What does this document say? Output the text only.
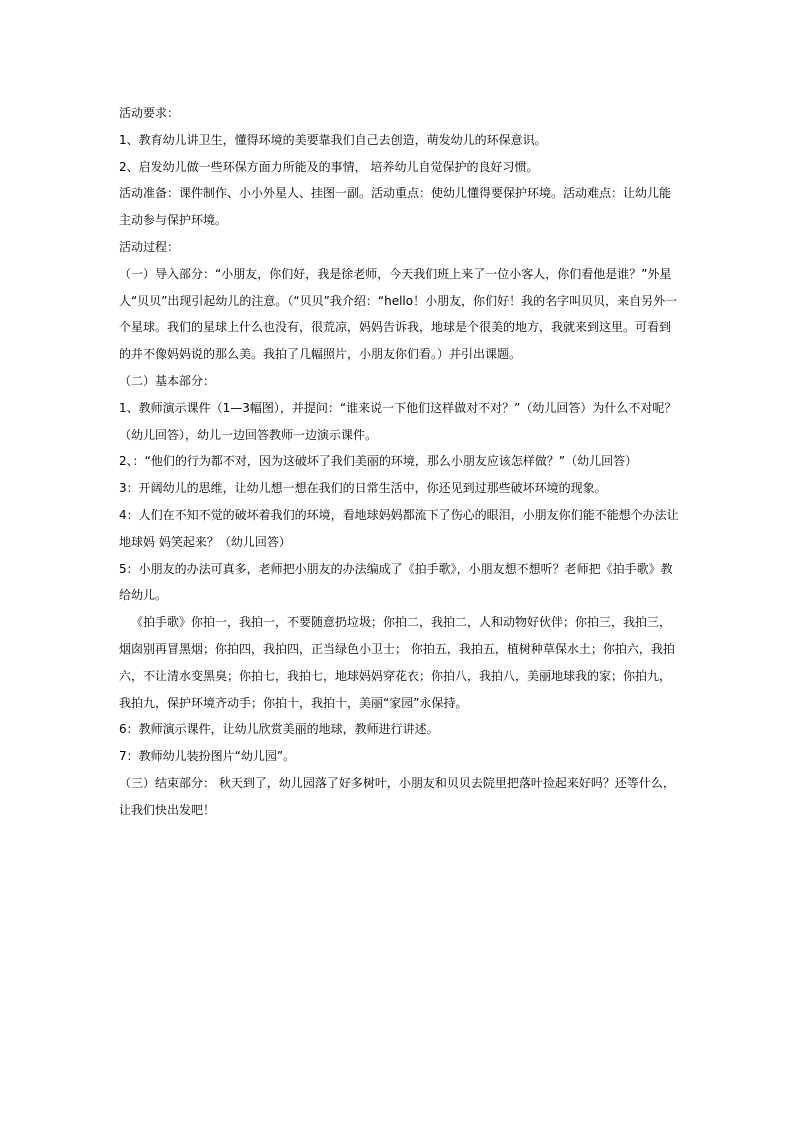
活动要求：

1、教育幼儿讲卫生，懂得环境的美要靠我们自己去创造，萌发幼儿的环保意识。

2、启发幼儿做一些环保方面力所能及的事情， 培养幼儿自觉保护的良好习惯。

活动准备：课件制作、小小外星人、挂图一副。活动重点：使幼儿懂得要保护环境。活动难点：让幼儿能主动参与保护环境。

活动过程：

（一）导入部分：“小朋友，你们好，我是徐老师，今天我们班上来了一位小客人，你们看他是谁？”外星人“贝贝”出现引起幼儿的注意。（“贝贝”我介绍：“hello！小朋友，你们好！我的名字叫贝贝，来自另外一个星球。我们的星球上什么也没有，很荒凉，妈妈告诉我，地球是个很美的地方，我就来到这里。可看到的并不像妈妈说的那么美。我拍了几幅照片，小朋友你们看。）并引出课题。

（二）基本部分：

1、教师演示课件（1—3幅图），并提问：“谁来说一下他们这样做对不对？”（幼儿回答）为什么不对呢？（幼儿回答），幼儿一边回答教师一边演示课件。

2、：“他们的行为都不对，因为这破坏了我们美丽的环境，那么小朋友应该怎样做？”（幼儿回答）

3：开阔幼儿的思维，让幼儿想一想在我们的日常生活中，你还见到过那些破坏环境的现象。

4：人们在不知不觉的破坏着我们的环境，看地球妈妈都流下了伤心的眼泪，小朋友你们能不能想个办法让地球妈 妈笑起来？（幼儿回答）

5：小朋友的办法可真多，老师把小朋友的办法编成了《拍手歌》，小朋友想不想听？老师把《拍手歌》教给幼儿。

《拍手歌》你拍一，我拍一，不要随意扔垃圾；你拍二，我拍二，人和动物好伙伴；你拍三，我拍三，烟囱别再冒黑烟；你拍四，我拍四，正当绿色小卫士； 你拍五，我拍五，植树种草保水土；你拍六，我拍六，不让清水变黑臭；你拍七，我拍七，地球妈妈穿花衣；你拍八，我拍八，美丽地球我的家；你拍九，我拍九，保护环境齐动手；你拍十，我拍十，美丽“家园”永保持。

6：教师演示课件，让幼儿欣赏美丽的地球，教师进行讲述。

7：教师幼儿装扮图片“幼儿园”。

（三）结束部分： 秋天到了，幼儿园落了好多树叶，小朋友和贝贝去院里把落叶捡起来好吗？还等什么，让我们快出发吧！
